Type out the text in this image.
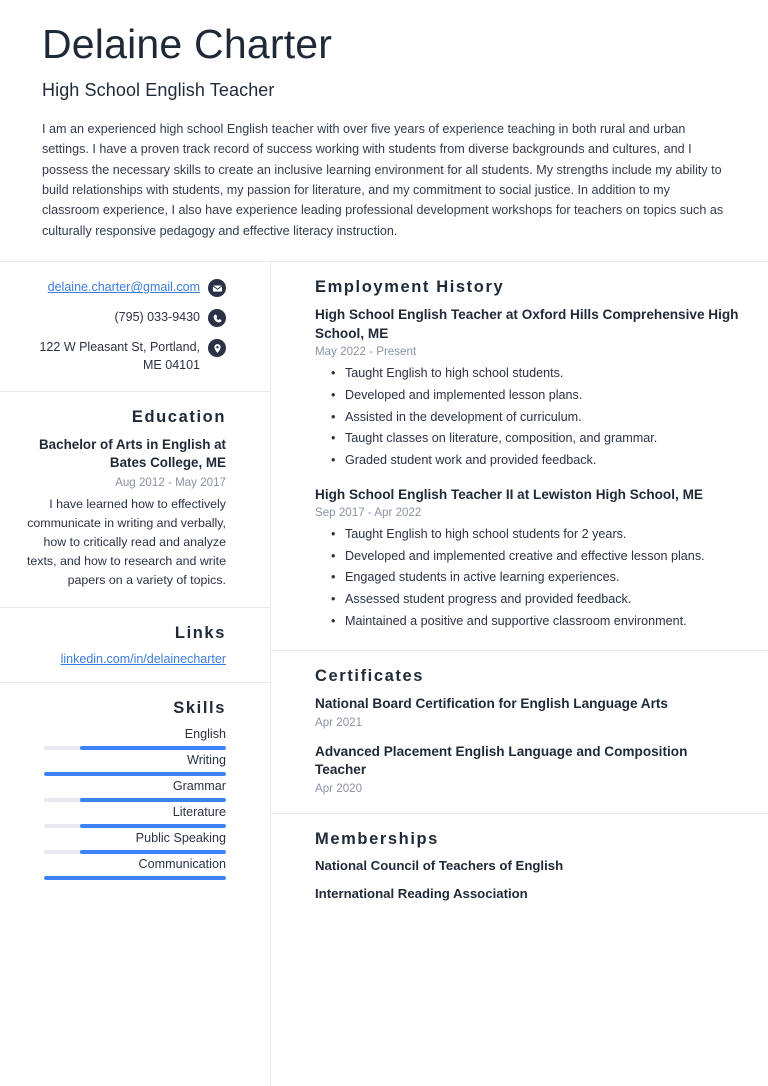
Delaine Charter
High School English Teacher

I am an experienced high school English teacher with over five years of experience teaching in both rural and urban settings. I have a proven track record of success working with students from diverse backgrounds and cultures, and I possess the necessary skills to create an inclusive learning environment for all students. My strengths include my ability to build relationships with students, my passion for literature, and my commitment to social justice. In addition to my classroom experience, I also have experience leading professional development workshops for teachers on topics such as culturally responsive pedagogy and effective literacy instruction.

delaine.charter@gmail.com
(795) 033-9430
122 W Pleasant St, Portland, ME 04101
Education
Bachelor of Arts in English at Bates College, ME
Aug 2012 - May 2017
I have learned how to effectively communicate in writing and verbally, how to critically read and analyze texts, and how to research and write papers on a variety of topics.
Links
linkedin.com/in/delainecharter
Skills
English
Writing
Grammar
Literature
Public Speaking
Communication
Employment History
High School English Teacher at Oxford Hills Comprehensive High School, ME
May 2022 - Present
• Taught English to high school students.
• Developed and implemented lesson plans.
• Assisted in the development of curriculum.
• Taught classes on literature, composition, and grammar.
• Graded student work and provided feedback.
High School English Teacher II at Lewiston High School, ME
Sep 2017 - Apr 2022
• Taught English to high school students for 2 years.
• Developed and implemented creative and effective lesson plans.
• Engaged students in active learning experiences.
• Assessed student progress and provided feedback.
• Maintained a positive and supportive classroom environment.
Certificates
National Board Certification for English Language Arts
Apr 2021
Advanced Placement English Language and Composition Teacher
Apr 2020
Memberships
National Council of Teachers of English
International Reading Association
